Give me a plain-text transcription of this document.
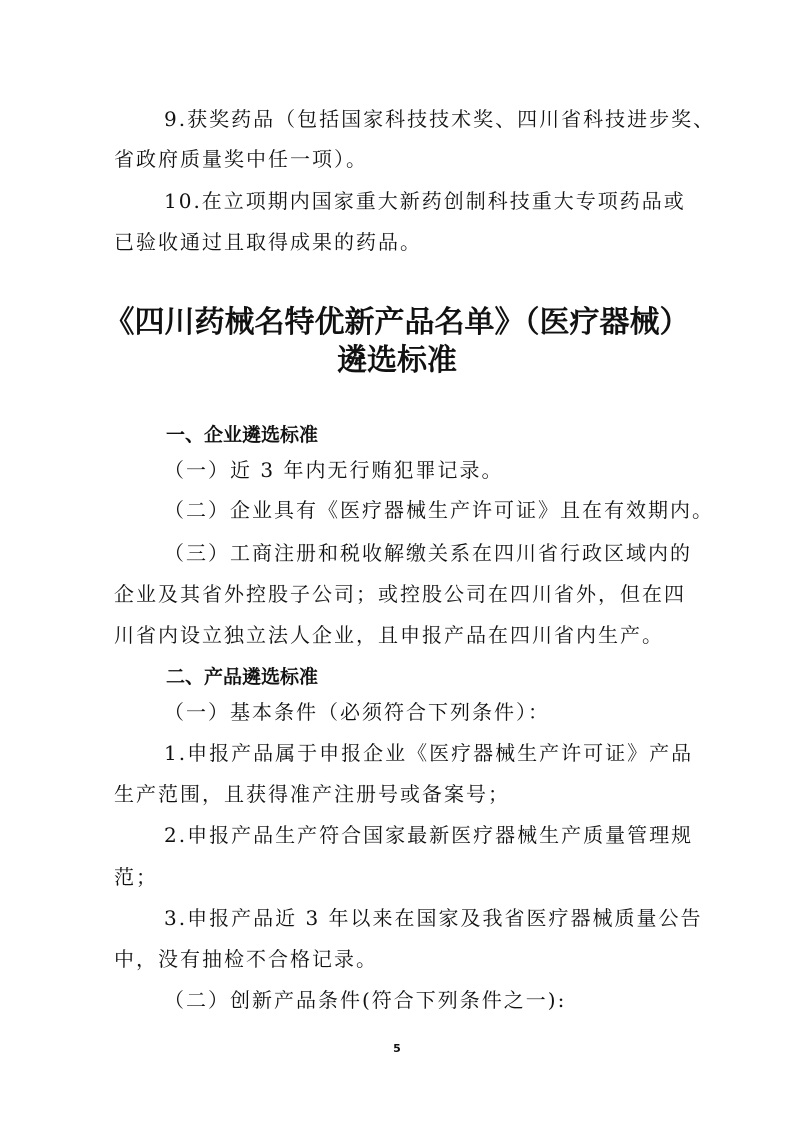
9.获奖药品（包括国家科技技术奖、四川省科技进步奖、
省政府质量奖中任一项）。
10.在立项期内国家重大新药创制科技重大专项药品或
已验收通过且取得成果的药品。
《四川药械名特优新产品名单》（医疗器械）
遴选标准
一、企业遴选标准
（一）近 3 年内无行贿犯罪记录。
（二）企业具有《医疗器械生产许可证》且在有效期内。
（三）工商注册和税收解缴关系在四川省行政区域内的
企业及其省外控股子公司；或控股公司在四川省外，但在四
川省内设立独立法人企业，且申报产品在四川省内生产。
二、产品遴选标准
（一）基本条件（必须符合下列条件）：
1.申报产品属于申报企业《医疗器械生产许可证》产品
生产范围，且获得准产注册号或备案号；
2.申报产品生产符合国家最新医疗器械生产质量管理规
范；
3.申报产品近 3 年以来在国家及我省医疗器械质量公告
中，没有抽检不合格记录。
（二）创新产品条件(符合下列条件之一):
5
